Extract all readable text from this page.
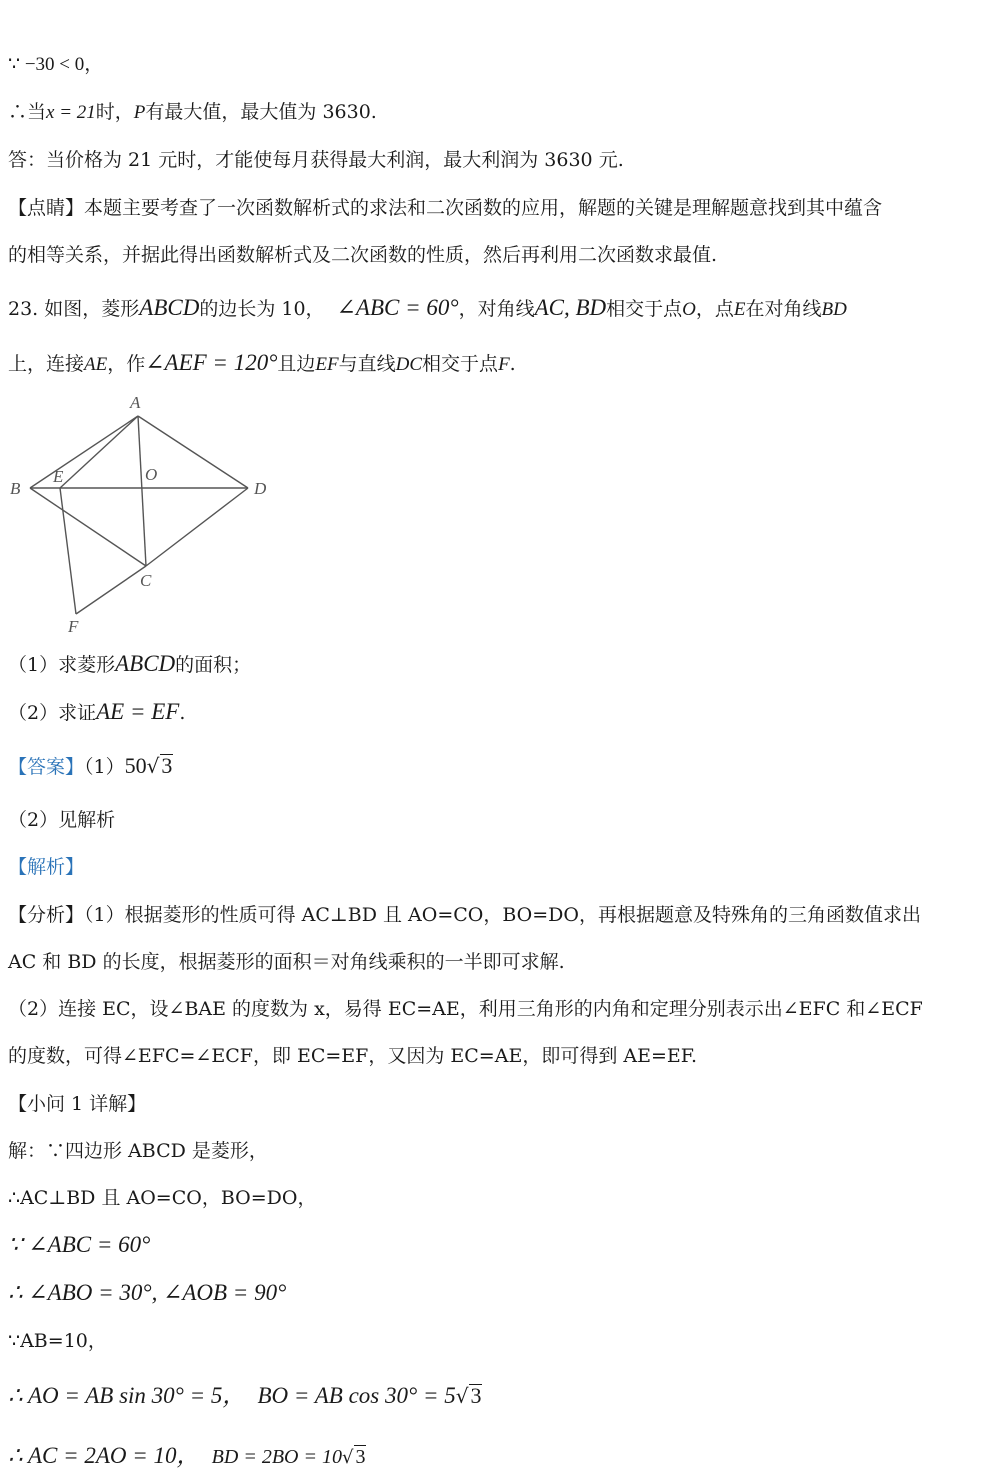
∵ −30 < 0，
∴当x = 21时，P有最大值，最大值为 3630.
答：当价格为 21 元时，才能使每月获得最大利润，最大利润为 3630 元.
【点睛】本题主要考查了一次函数解析式的求法和二次函数的应用，解题的关键是理解题意找到其中蕴含
的相等关系，并据此得出函数解析式及二次函数的性质，然后再利用二次函数求最值.
23. 如图，菱形ABCD的边长为 10， ∠ABC = 60°，对角线AC, BD相交于点O，点E在对角线BD
上，连接AE，作∠AEF = 120°且边EF与直线DC相交于点F.
A
B
E	O
D
C
F
（1）求菱形ABCD的面积；
（2）求证AE = EF.
【答案】（1）50√3
（2）见解析
【解析】
【分析】（1）根据菱形的性质可得 AC⊥BD 且 AO=CO，BO=DO，再根据题意及特殊角的三角函数值求出
AC 和 BD 的长度，根据菱形的面积＝对角线乘积的一半即可求解.
（2）连接 EC，设∠BAE 的度数为 x，易得 EC=AE，利用三角形的内角和定理分别表示出∠EFC 和∠ECF
的度数，可得∠EFC=∠ECF，即 EC=EF，又因为 EC=AE，即可得到 AE=EF.
【小问 1 详解】
解：∵四边形 ABCD 是菱形，
∴AC⊥BD 且 AO=CO，BO=DO，
∵ ∠ABC = 60°
∴ ∠ABO = 30°, ∠AOB = 90°
∵AB=10，
∴ AO = AB sin 30° = 5， BO = AB cos 30° = 5√3
∴ AC = 2AO = 10， BD = 2BO = 10√ 3
